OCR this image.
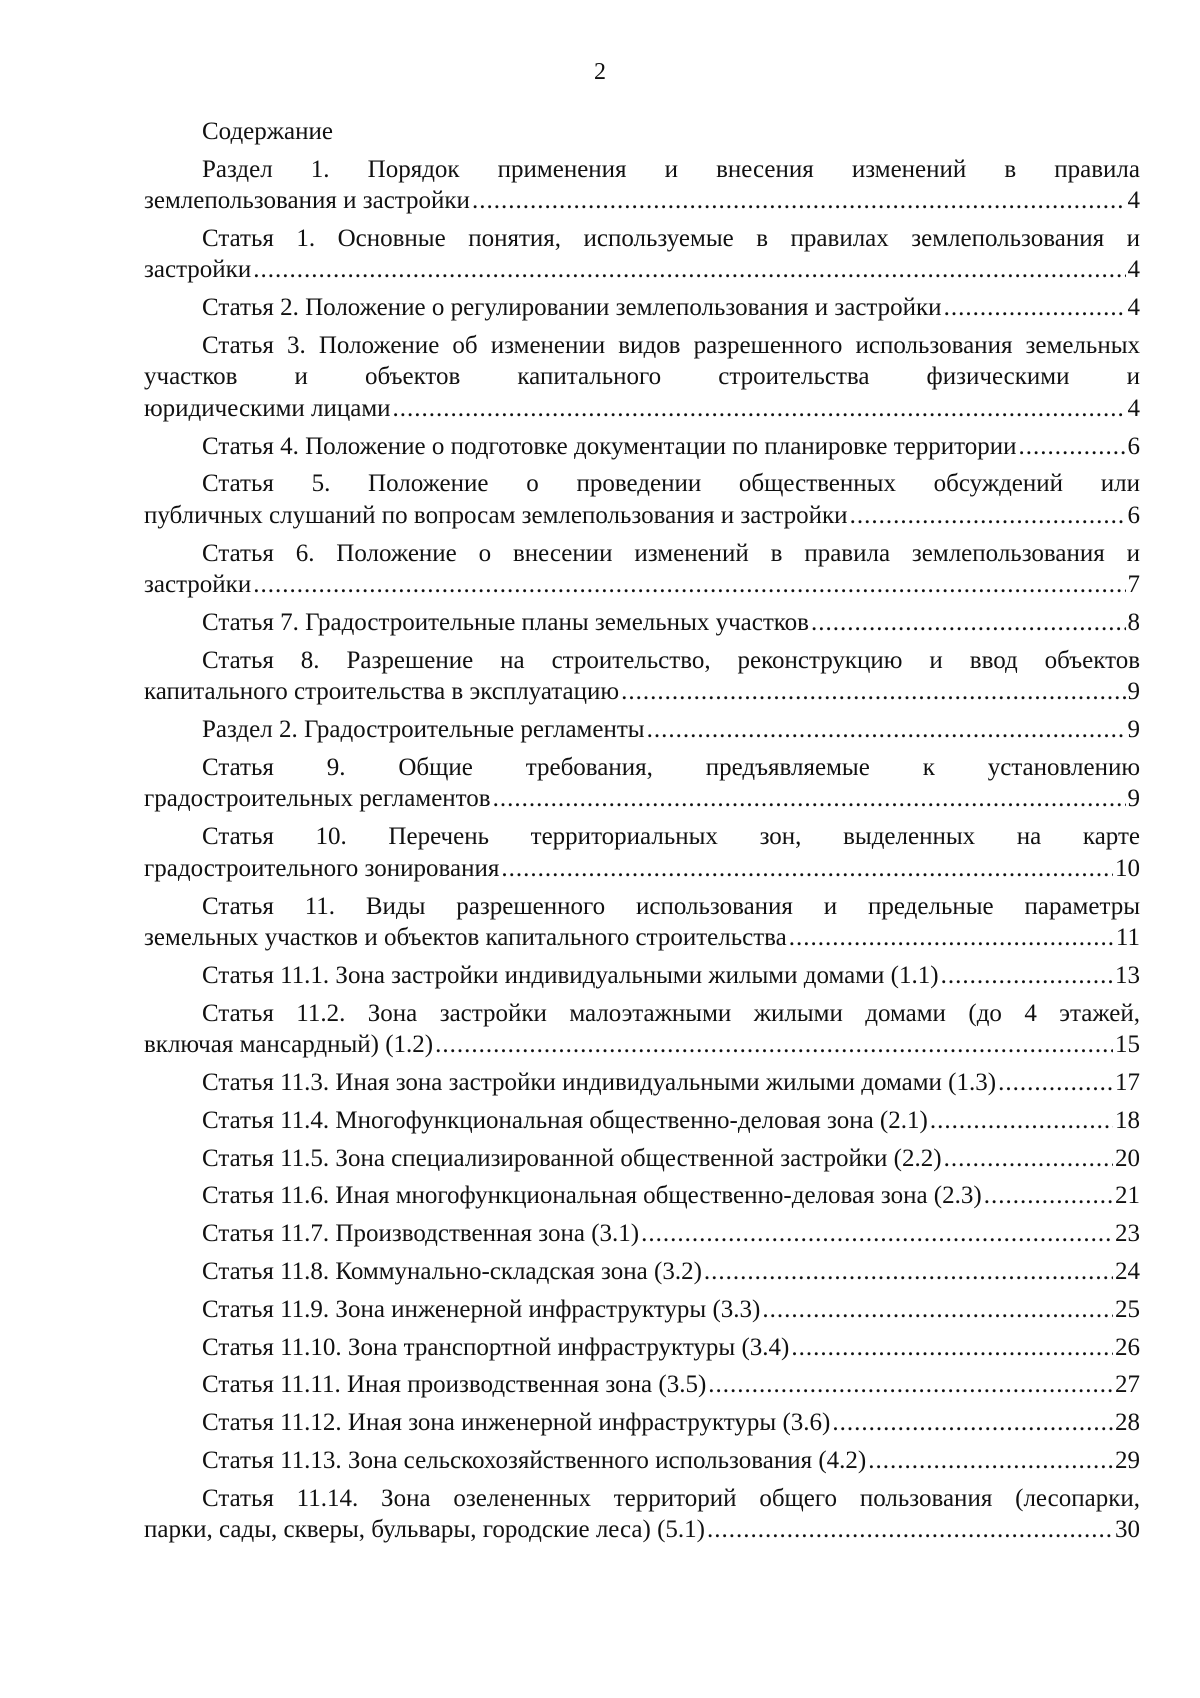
2
Содержание
Раздел 1. Порядок применения и внесения изменений в правила
землепользования и застройки .....	4
Статья 1. Основные понятия, используемые в правилах землепользования и
застройки .....	4
Статья 2. Положение о регулировании землепользования и застройки .....	4
Статья 3. Положение об изменении видов разрешенного использования земельных участков и объектов капитального строительства физическими и
юридическими лицами .....	4
Статья 4. Положение о подготовке документации по планировке территории .....	6
Статья 5. Положение о проведении общественных обсуждений или
публичных слушаний по вопросам землепользования и застройки .....	6
Статья 6. Положение о внесении изменений в правила землепользования и
застройки .....	7
Статья 7. Градостроительные планы земельных участков .....	8
Статья 8. Разрешение на строительство, реконструкцию и ввод объектов
капитального строительства в эксплуатацию .....	9
Раздел 2. Градостроительные регламенты .....	9
Статья 9. Общие требования, предъявляемые к установлению
градостроительных регламентов .....	9
Статья 10. Перечень территориальных зон, выделенных на карте
градостроительного зонирования .....	10
Статья 11. Виды разрешенного использования и предельные параметры
земельных участков и объектов капитального строительства .....	11
Статья 11.1. Зона застройки индивидуальными жилыми домами (1.1) .....	13
Статья 11.2. Зона застройки малоэтажными жилыми домами (до 4 этажей,
включая мансардный) (1.2) .....	15
Статья 11.3. Иная зона застройки индивидуальными жилыми домами (1.3) .....	17
Статья 11.4. Многофункциональная общественно-деловая зона (2.1) .....	18
Статья 11.5. Зона специализированной общественной застройки (2.2) .....	20
Статья 11.6. Иная многофункциональная общественно-деловая зона (2.3) .....	21
Статья 11.7. Производственная зона (3.1) .....	23
Статья 11.8. Коммунально-складская зона (3.2) .....	24
Статья 11.9. Зона инженерной инфраструктуры (3.3) .....	25
Статья 11.10. Зона транспортной инфраструктуры (3.4) .....	26
Статья 11.11. Иная производственная зона (3.5) .....	27
Статья 11.12. Иная зона инженерной инфраструктуры (3.6) .....	28
Статья 11.13. Зона сельскохозяйственного использования (4.2) .....	29
Статья 11.14. Зона озелененных территорий общего пользования (лесопарки,
парки, сады, скверы, бульвары, городские леса) (5.1) .....	30
